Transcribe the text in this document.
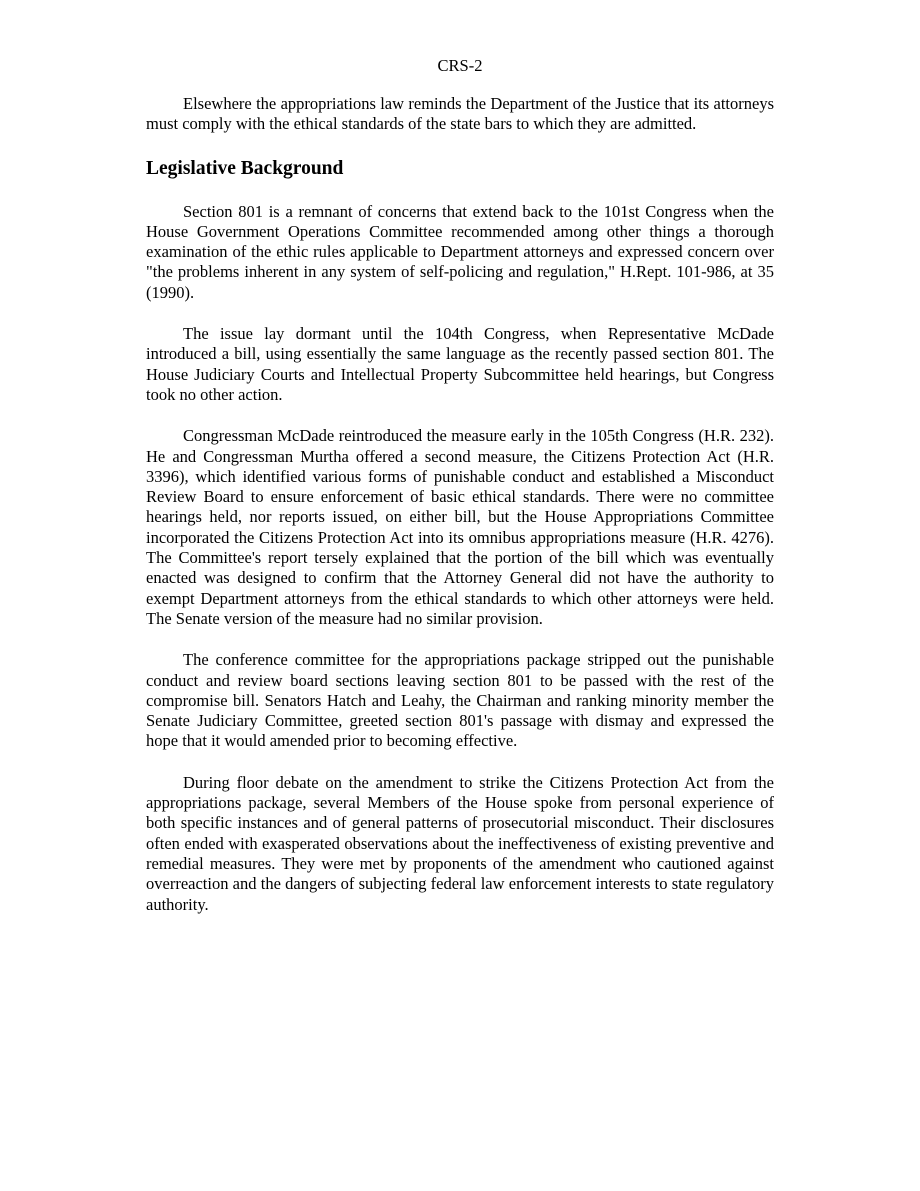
CRS-2

Elsewhere the appropriations law reminds the Department of the Justice that its attorneys must comply with the ethical standards of the state bars to which they are admitted.

Legislative Background

Section 801 is a remnant of concerns that extend back to the 101st Congress when the House Government Operations Committee recommended among other things a thorough examination of the ethic rules applicable to Department attorneys and expressed concern over "the problems inherent in any system of self-policing and regulation," H.Rept. 101-986, at 35 (1990).

The issue lay dormant until the 104th Congress, when Representative McDade introduced a bill, using essentially the same language as the recently passed section 801. The House Judiciary Courts and Intellectual Property Subcommittee held hearings, but Congress took no other action.

Congressman McDade reintroduced the measure early in the 105th Congress (H.R. 232). He and Congressman Murtha offered a second measure, the Citizens Protection Act (H.R. 3396), which identified various forms of punishable conduct and established a Misconduct Review Board to ensure enforcement of basic ethical standards. There were no committee hearings held, nor reports issued, on either bill, but the House Appropriations Committee incorporated the Citizens Protection Act into its omnibus appropriations measure (H.R. 4276). The Committee's report tersely explained that the portion of the bill which was eventually enacted was designed to confirm that the Attorney General did not have the authority to exempt Department attorneys from the ethical standards to which other attorneys were held. The Senate version of the measure had no similar provision.

The conference committee for the appropriations package stripped out the punishable conduct and review board sections leaving section 801 to be passed with the rest of the compromise bill. Senators Hatch and Leahy, the Chairman and ranking minority member the Senate Judiciary Committee, greeted section 801's passage with dismay and expressed the hope that it would amended prior to becoming effective.

During floor debate on the amendment to strike the Citizens Protection Act from the appropriations package, several Members of the House spoke from personal experience of both specific instances and of general patterns of prosecutorial misconduct. Their disclosures often ended with exasperated observations about the ineffectiveness of existing preventive and remedial measures. They were met by proponents of the amendment who cautioned against overreaction and the dangers of subjecting federal law enforcement interests to state regulatory authority.
